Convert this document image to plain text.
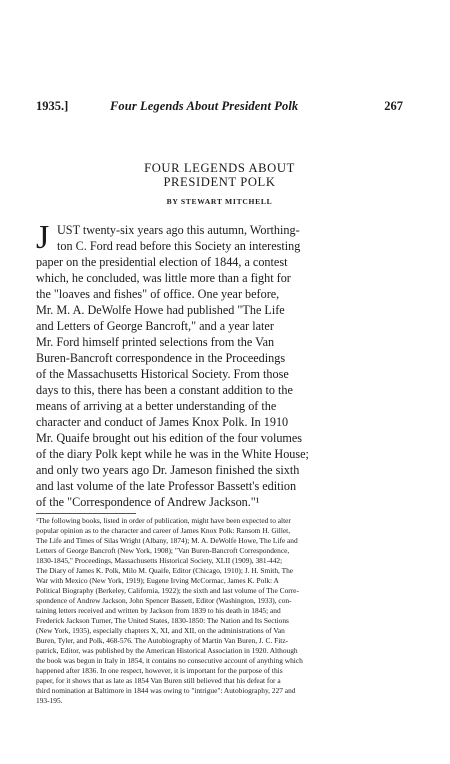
1935.]	Four Legends About President Polk	267
FOUR LEGENDS ABOUT
PRESIDENT POLK
BY STEWART MITCHELL
J UST twenty-six years ago this autumn, Worthing-
ton C. Ford read before this Society an interesting
paper on the presidential election of 1844, a contest
which, he concluded, was little more than a fight for
the "loaves and fishes" of office. One year before,
Mr. M. A. DeWolfe Howe had published "The Life
and Letters of George Bancroft," and a year later
Mr. Ford himself printed selections from the Van
Buren-Bancroft correspondence in the Proceedings
of the Massachusetts Historical Society. From those
days to this, there has been a constant addition to the
means of arriving at a better understanding of the
character and conduct of James Knox Polk. In 1910
Mr. Quaife brought out his edition of the four volumes
of the diary Polk kept while he was in the White House;
and only two years ago Dr. Jameson finished the sixth
and last volume of the late Professor Bassett's edition
of the "Correspondence of Andrew Jackson."¹
¹The following books, listed in order of publication, might have been expected to alter
popular opinion as to the character and career of James Knox Polk: Ransom H. Gillet,
The Life and Times of Silas Wright (Albany, 1874); M. A. DeWolfe Howe, The Life and
Letters of George Bancroft (New York, 1908); "Van Buren-Bancroft Correspondence,
1830-1845," Proceedings, Massachusetts Historical Society, XLII (1909), 381-442;
The Diary of James K. Polk, Milo M. Quaife, Editor (Chicago, 1910); J. H. Smith, The
War with Mexico (New York, 1919); Eugene Irving McCormac, James K. Polk: A
Political Biography (Berkeley, California, 1922); the sixth and last volume of The Corre-
spondence of Andrew Jackson, John Spencer Bassett, Editor (Washington, 1933), con-
taining letters received and written by Jackson from 1839 to his death in 1845; and
Frederick Jackson Turner, The United States, 1830-1850: The Nation and Its Sections
(New York, 1935), especially chapters X, XI, and XII, on the administrations of Van
Buren, Tyler, and Polk, 468-576. The Autobiography of Martin Van Buren, J. C. Fitz-
patrick, Editor, was published by the American Historical Association in 1920. Although
the book was begun in Italy in 1854, it contains no consecutive account of anything which
happened after 1836. In one respect, however, it is important for the purpose of this
paper, for it shows that as late as 1854 Van Buren still believed that his defeat for a
third nomination at Baltimore in 1844 was owing to "intrigue": Autobiography, 227 and
193-195.
